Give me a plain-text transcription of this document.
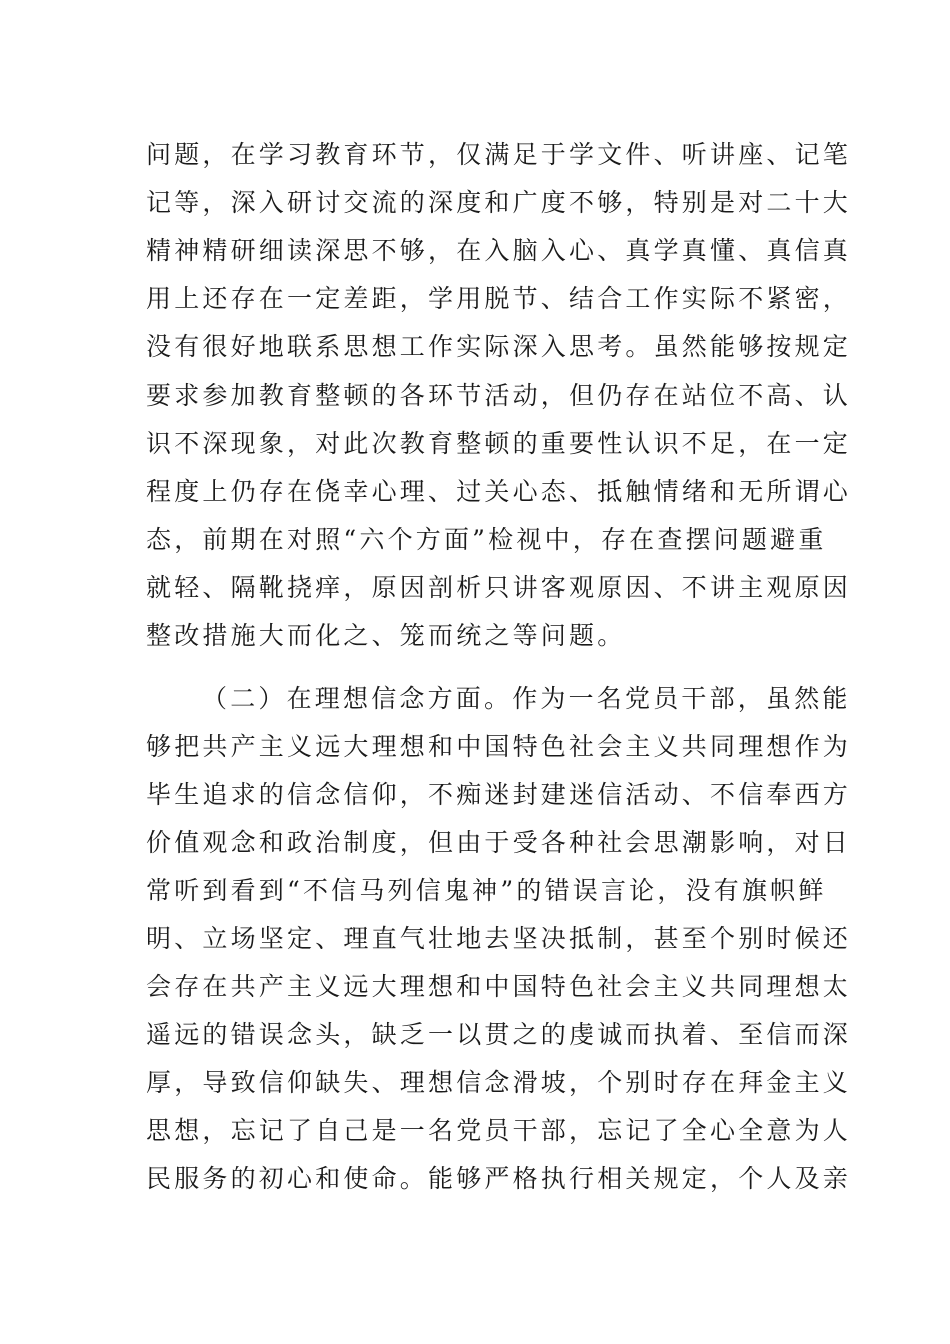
问题，在学习教育环节，仅满足于学文件、听讲座、记笔
记等，深入研讨交流的深度和广度不够，特别是对二十大
精神精研细读深思不够，在入脑入心、真学真懂、真信真
用上还存在一定差距，学用脱节、结合工作实际不紧密，
没有很好地联系思想工作实际深入思考。虽然能够按规定
要求参加教育整顿的各环节活动，但仍存在站位不高、认
识不深现象，对此次教育整顿的重要性认识不足，在一定
程度上仍存在侥幸心理、过关心态、抵触情绪和无所谓心
态，前期在对照“六个方面”检视中，存在查摆问题避重
就轻、隔靴挠痒，原因剖析只讲客观原因、不讲主观原因
整改措施大而化之、笼而统之等问题。
（二）在理想信念方面。作为一名党员干部，虽然能
够把共产主义远大理想和中国特色社会主义共同理想作为
毕生追求的信念信仰，不痴迷封建迷信活动、不信奉西方
价值观念和政治制度，但由于受各种社会思潮影响，对日
常听到看到“不信马列信鬼神”的错误言论，没有旗帜鲜
明、立场坚定、理直气壮地去坚决抵制，甚至个别时候还
会存在共产主义远大理想和中国特色社会主义共同理想太
遥远的错误念头，缺乏一以贯之的虔诚而执着、至信而深
厚，导致信仰缺失、理想信念滑坡，个别时存在拜金主义
思想，忘记了自己是一名党员干部，忘记了全心全意为人
民服务的初心和使命。能够严格执行相关规定，个人及亲
